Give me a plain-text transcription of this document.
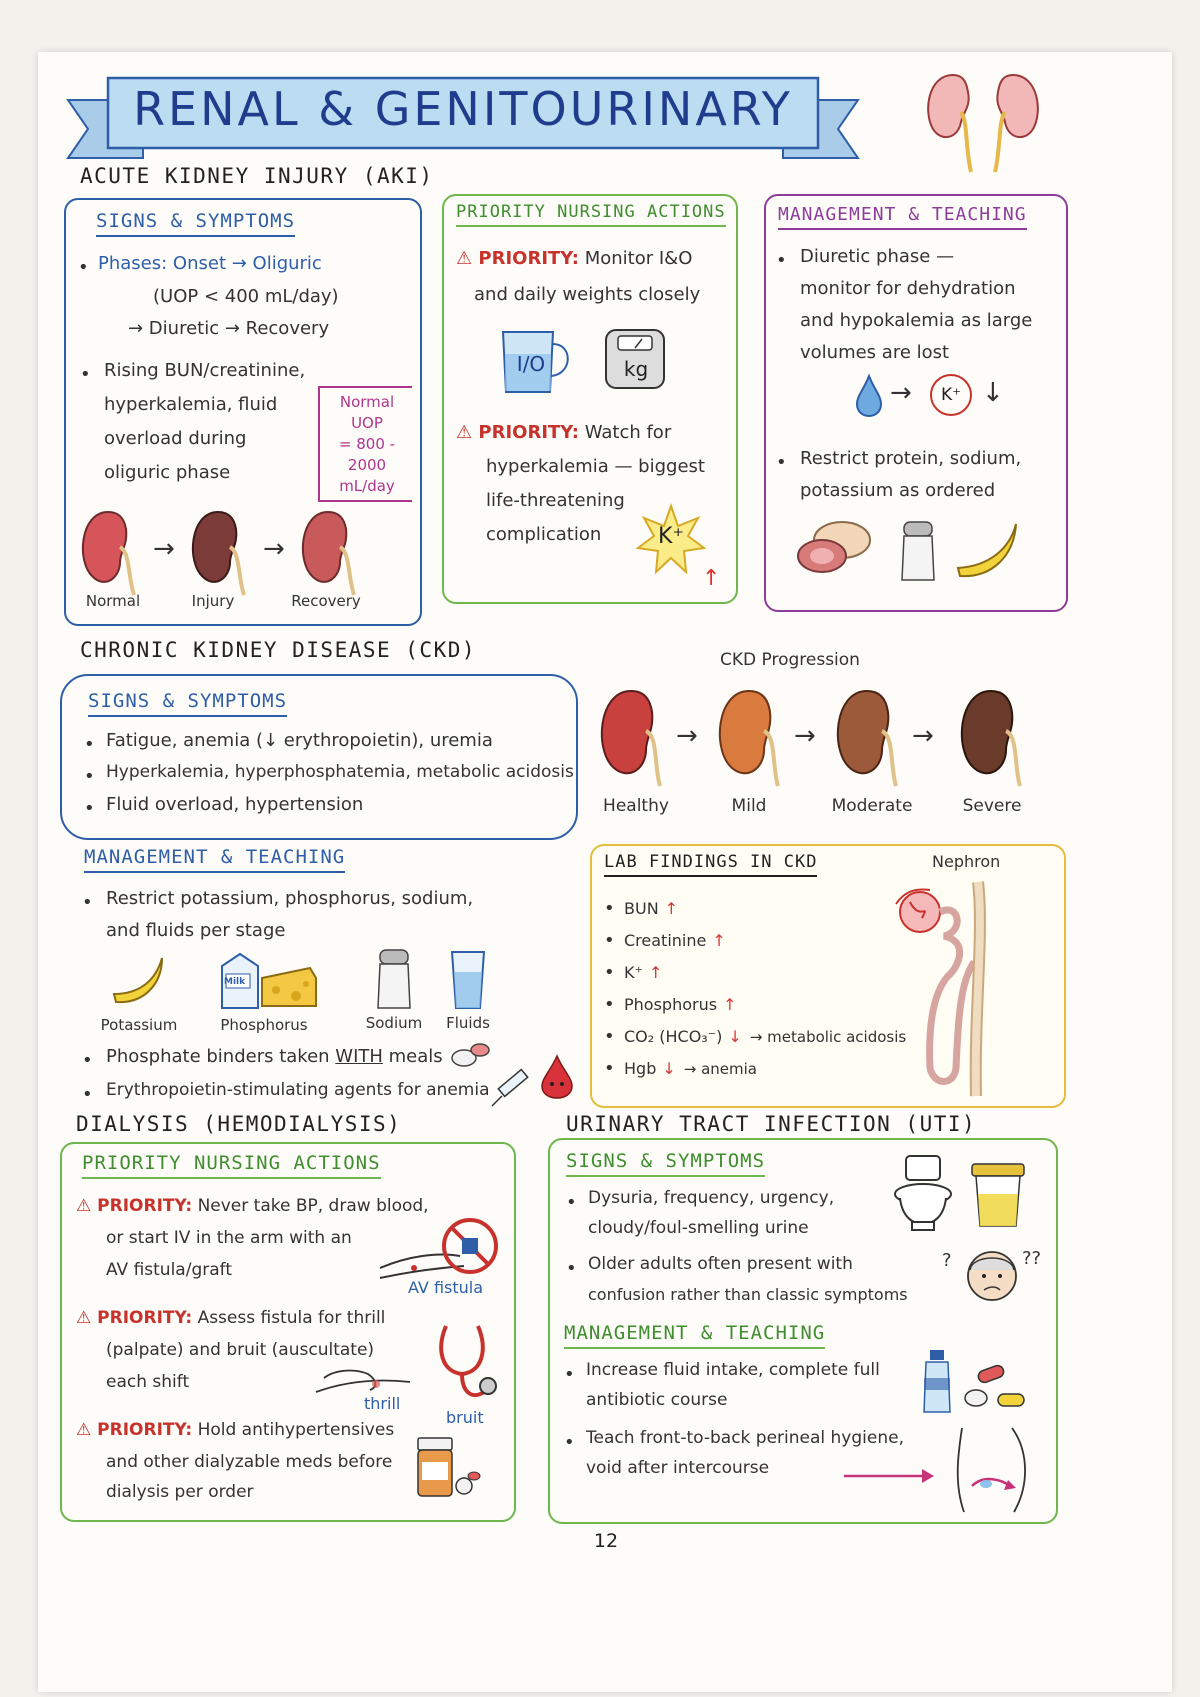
RENAL & GENITOURINARY
ACUTE KIDNEY INJURY (AKI)
SIGNS & SYMPTOMS
• Phases: Onset → Oliguric
(UOP < 400 mL/day)
→ Diuretic → Recovery
• Rising BUN/creatinine,
hyperkalemia, fluid
overload during
oliguric phase
Normal
UOP
= 800 -
2000
mL/day
→	→
Normal	Injury	Recovery
PRIORITY NURSING ACTIONS
⚠ PRIORITY: Monitor I&O
and daily weights closely
I/O	kg
⚠ PRIORITY: Watch for
hyperkalemia — biggest
life-threatening
complication	K⁺
↑
MANAGEMENT & TEACHING
• Diuretic phase —
monitor for dehydration
and hypokalemia as large
volumes are lost
→	K⁺ ↓
• Restrict protein, sodium,
potassium as ordered
CHRONIC KIDNEY DISEASE (CKD)
SIGNS & SYMPTOMS
• Fatigue, anemia (↓ erythropoietin), uremia
• Hyperkalemia, hyperphosphatemia, metabolic acidosis
• Fluid overload, hypertension
CKD Progression
→	→	→
Healthy	Mild	Moderate	Severe
MANAGEMENT & TEACHING
• Restrict potassium, phosphorus, sodium,
and fluids per stage
Milk
Potassium	Phosphorus	Sodium	Fluids
• Phosphate binders taken WITH meals
• Erythropoietin-stimulating agents for anemia
LAB FINDINGS IN CKD	Nephron
• BUN ↑
• Creatinine ↑
• K⁺ ↑
• Phosphorus ↑
• CO₂ (HCO₃⁻) ↓ → metabolic acidosis
• Hgb ↓ → anemia
DIALYSIS (HEMODIALYSIS)
PRIORITY NURSING ACTIONS
⚠ PRIORITY: Never take BP, draw blood,
or start IV in the arm with an
AV fistula/graft
AV fistula
⚠ PRIORITY: Assess fistula for thrill
(palpate) and bruit (auscultate)
each shift
thrill
bruit
⚠ PRIORITY: Hold antihypertensives
and other dialyzable meds before
dialysis per order
URINARY TRACT INFECTION (UTI)
SIGNS & SYMPTOMS
• Dysuria, frequency, urgency,
cloudy/foul-smelling urine
• Older adults often present with
confusion rather than classic symptoms
?	??
MANAGEMENT & TEACHING
• Increase fluid intake, complete full
antibiotic course
• Teach front-to-back perineal hygiene,
void after intercourse
12
